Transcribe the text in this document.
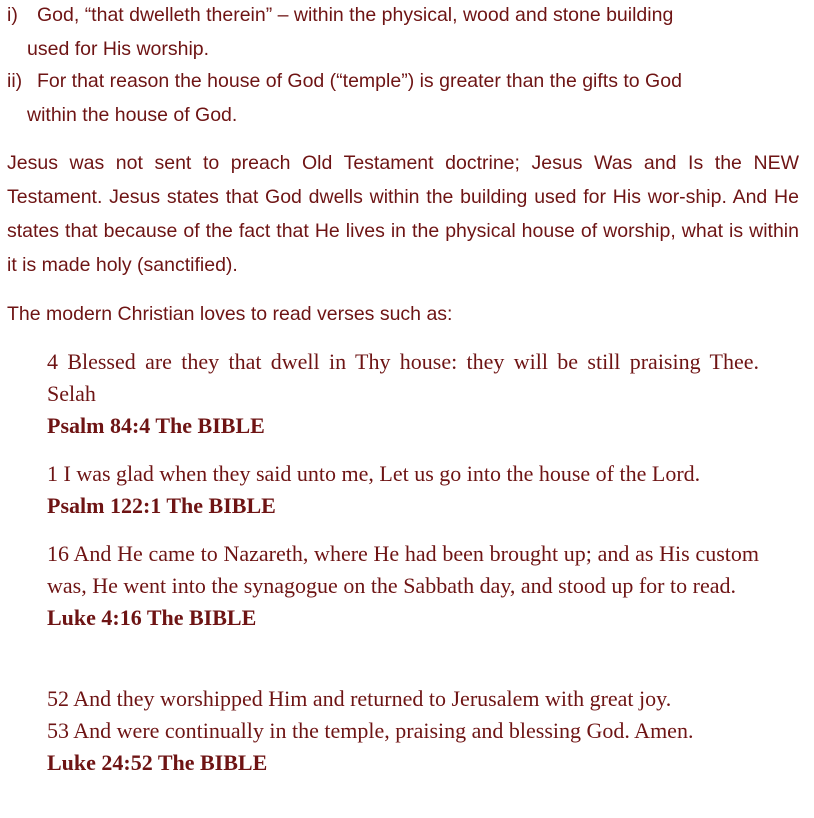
i) God, “that dwelleth therein” – within the physical, wood and stone building
used for His worship.
ii) For that reason the house of God (“temple”) is greater than the gifts to God
within the house of God.
Jesus was not sent to preach Old Testament doctrine; Jesus Was and Is the NEW Testament. Jesus states that God dwells within the building used for His wor-ship. And He states that because of the fact that He lives in the physical house of worship, what is within it is made holy (sanctified).
The modern Christian loves to read verses such as:
4 Blessed are they that dwell in Thy house: they will be still praising Thee. Selah
Psalm 84:4 The BIBLE
1 I was glad when they said unto me, Let us go into the house of the Lord.
Psalm 122:1 The BIBLE
16 And He came to Nazareth, where He had been brought up; and as His custom was, He went into the synagogue on the Sabbath day, and stood up for to read.
Luke 4:16 The BIBLE
52 And they worshipped Him and returned to Jerusalem with great joy.
53 And were continually in the temple, praising and blessing God. Amen.
Luke 24:52 The BIBLE
